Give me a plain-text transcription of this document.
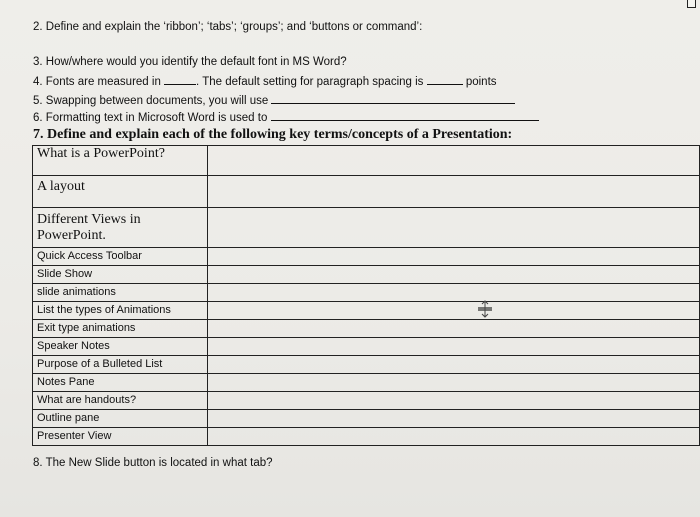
2. Define and explain the ‘ribbon’; ‘tabs’; ‘groups’; and ‘buttons or command’:
3. How/where would you identify the default font in MS Word?
4. Fonts are measured in	. The default setting for paragraph spacing is	points
5. Swapping between documents, you will use
6. Formatting text in Microsoft Word is used to
7. Define and explain each of the following key terms/concepts of a Presentation:
What is a PowerPoint?	
A layout	

Different Views in
PowerPoint.	

Quick Access Toolbar	
Slide Show	
slide animations	
List the types of Animations	
Exit type animations	
Speaker Notes	
Purpose of a Bulleted List	
Notes Pane	
What are handouts?	
Outline pane	
Presenter View	
8. The New Slide button is located in what tab?
